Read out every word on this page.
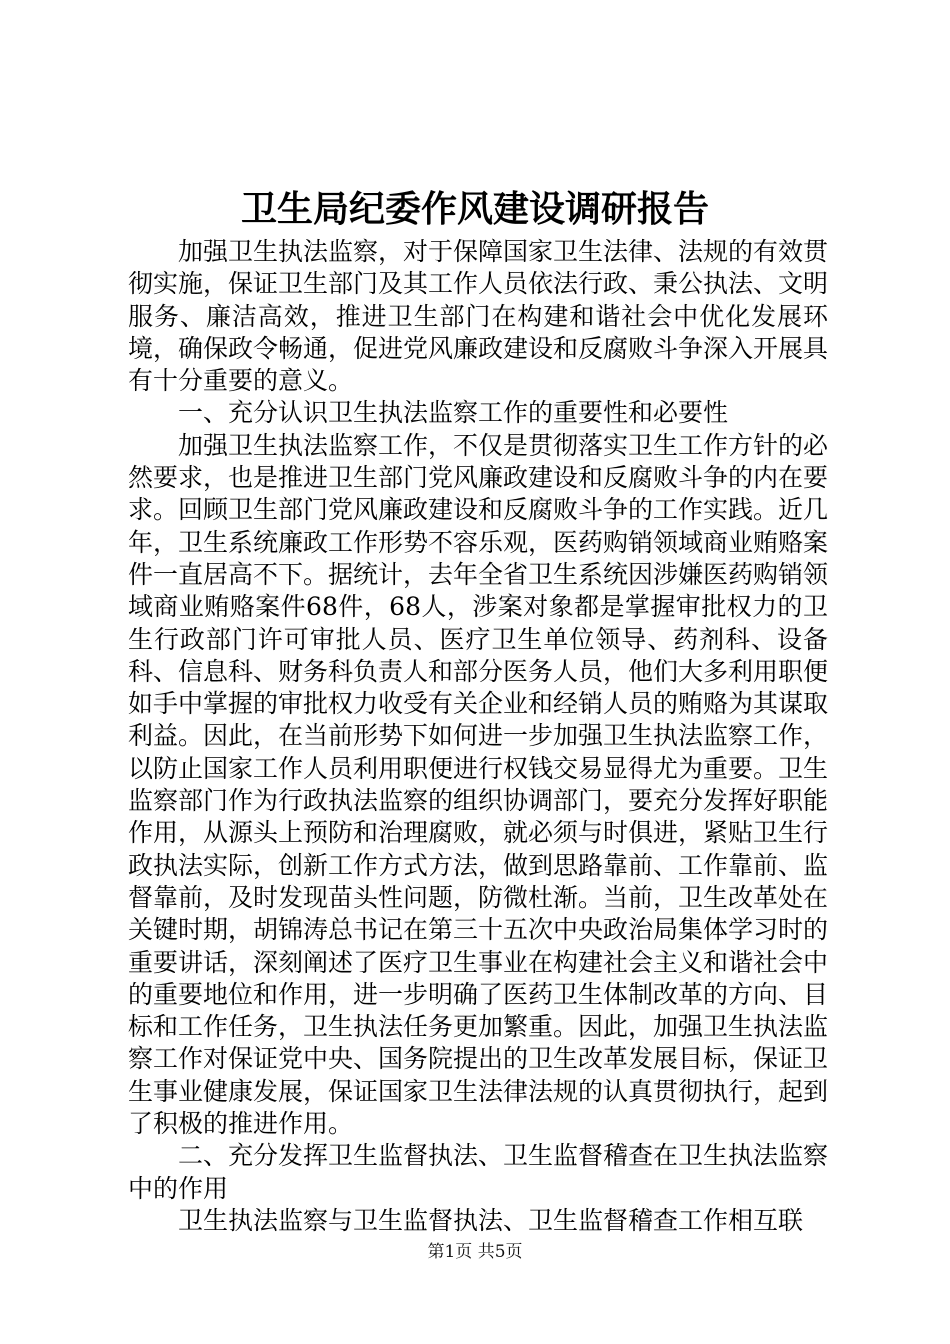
卫生局纪委作风建设调研报告

加强卫生执法监察，对于保障国家卫生法律、法规的有效贯彻实施，保证卫生部门及其工作人员依法行政、秉公执法、文明服务、廉洁高效，推进卫生部门在构建和谐社会中优化发展环境，确保政令畅通，促进党风廉政建设和反腐败斗争深入开展具有十分重要的意义。

一、充分认识卫生执法监察工作的重要性和必要性

加强卫生执法监察工作，不仅是贯彻落实卫生工作方针的必然要求，也是推进卫生部门党风廉政建设和反腐败斗争的内在要求。回顾卫生部门党风廉政建设和反腐败斗争的工作实践。近几年，卫生系统廉政工作形势不容乐观，医药购销领域商业贿赂案件一直居高不下。据统计，去年全省卫生系统因涉嫌医药购销领域商业贿赂案件68件，68人，涉案对象都是掌握审批权力的卫生行政部门许可审批人员、医疗卫生单位领导、药剂科、设备科、信息科、财务科负责人和部分医务人员，他们大多利用职便如手中掌握的审批权力收受有关企业和经销人员的贿赂为其谋取利益。因此，在当前形势下如何进一步加强卫生执法监察工作，以防止国家工作人员利用职便进行权钱交易显得尤为重要。卫生监察部门作为行政执法监察的组织协调部门，要充分发挥好职能作用，从源头上预防和治理腐败，就必须与时俱进，紧贴卫生行政执法实际，创新工作方式方法，做到思路靠前、工作靠前、监督靠前，及时发现苗头性问题，防微杜渐。当前，卫生改革处在关键时期，胡锦涛总书记在第三十五次中央政治局集体学习时的重要讲话，深刻阐述了医疗卫生事业在构建社会主义和谐社会中的重要地位和作用，进一步明确了医药卫生体制改革的方向、目标和工作任务，卫生执法任务更加繁重。因此，加强卫生执法监察工作对保证党中央、国务院提出的卫生改革发展目标，保证卫生事业健康发展，保证国家卫生法律法规的认真贯彻执行，起到了积极的推进作用。

二、充分发挥卫生监督执法、卫生监督稽查在卫生执法监察中的作用

卫生执法监察与卫生监督执法、卫生监督稽查工作相互联

第1页 共5页
